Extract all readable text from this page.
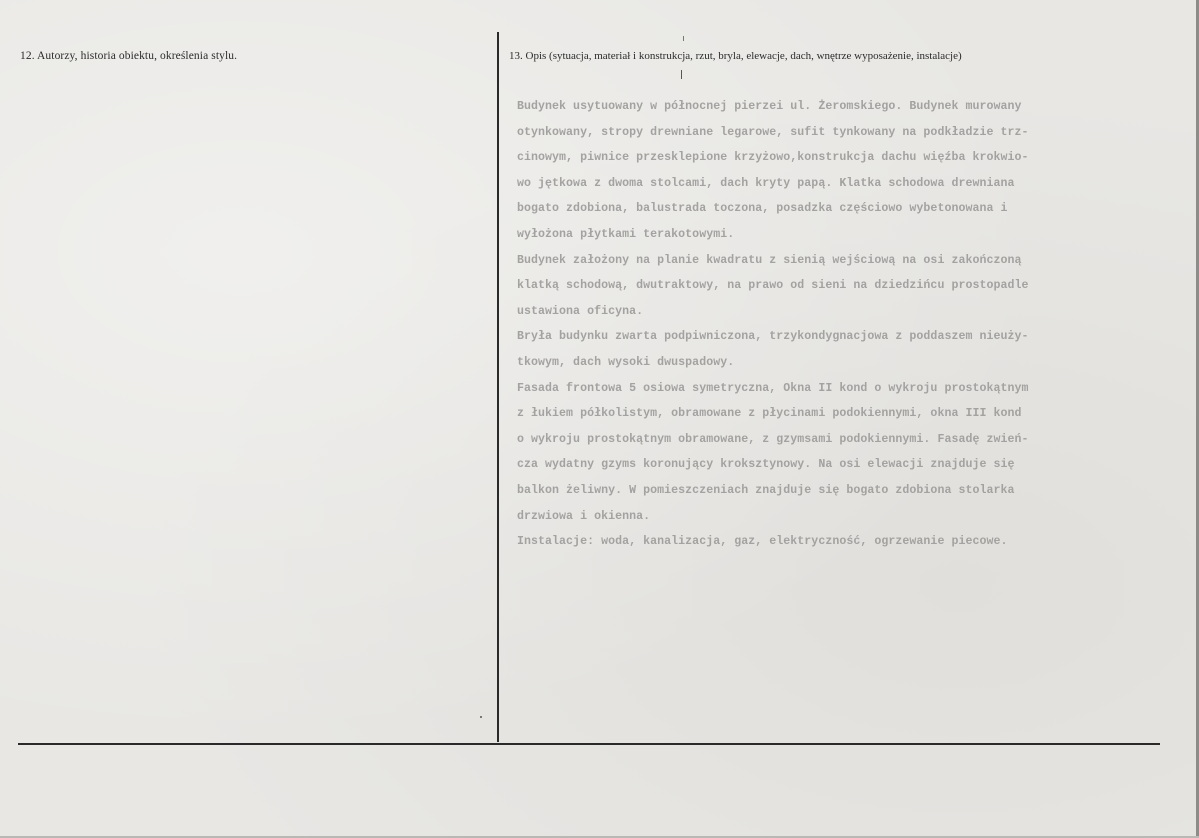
12. Autorzy, historia obiektu, określenia stylu.	13. Opis (sytuacja, materiał i konstrukcja, rzut, bryla, elewacje, dach, wnętrze wyposażenie, instalacje)
Budynek usytuowany w północnej pierzei ul. Żeromskiego. Budynek murowany
otynkowany, stropy drewniane legarowe, sufit tynkowany na podkładzie trz-
cinowym, piwnice przesklepione krzyżowo,konstrukcja dachu więźba krokwio-
wo jętkowa z dwoma stolcami, dach kryty papą. Klatka schodowa drewniana
bogato zdobiona, balustrada toczona, posadzka częściowo wybetonowana i
wyłożona płytkami terakotowymi.
Budynek założony na planie kwadratu z sienią wejściową na osi zakończoną
klatką schodową, dwutraktowy, na prawo od sieni na dziedzińcu prostopadle
ustawiona oficyna.
Bryła budynku zwarta podpiwniczona, trzykondygnacjowa z poddaszem nieuży-
tkowym, dach wysoki dwuspadowy.
Fasada frontowa 5 osiowa symetryczna, Okna II kond o wykroju prostokątnym
z łukiem półkolistym, obramowane z płycinami podokiennymi, okna III kond
o wykroju prostokątnym obramowane, z gzymsami podokiennymi. Fasadę zwień-
cza wydatny gzyms koronujący kroksztynowy. Na osi elewacji znajduje się
balkon żeliwny. W pomieszczeniach znajduje się bogato zdobiona stolarka
drzwiowa i okienna.
Instalacje: woda, kanalizacja, gaz, elektryczność, ogrzewanie piecowe.
